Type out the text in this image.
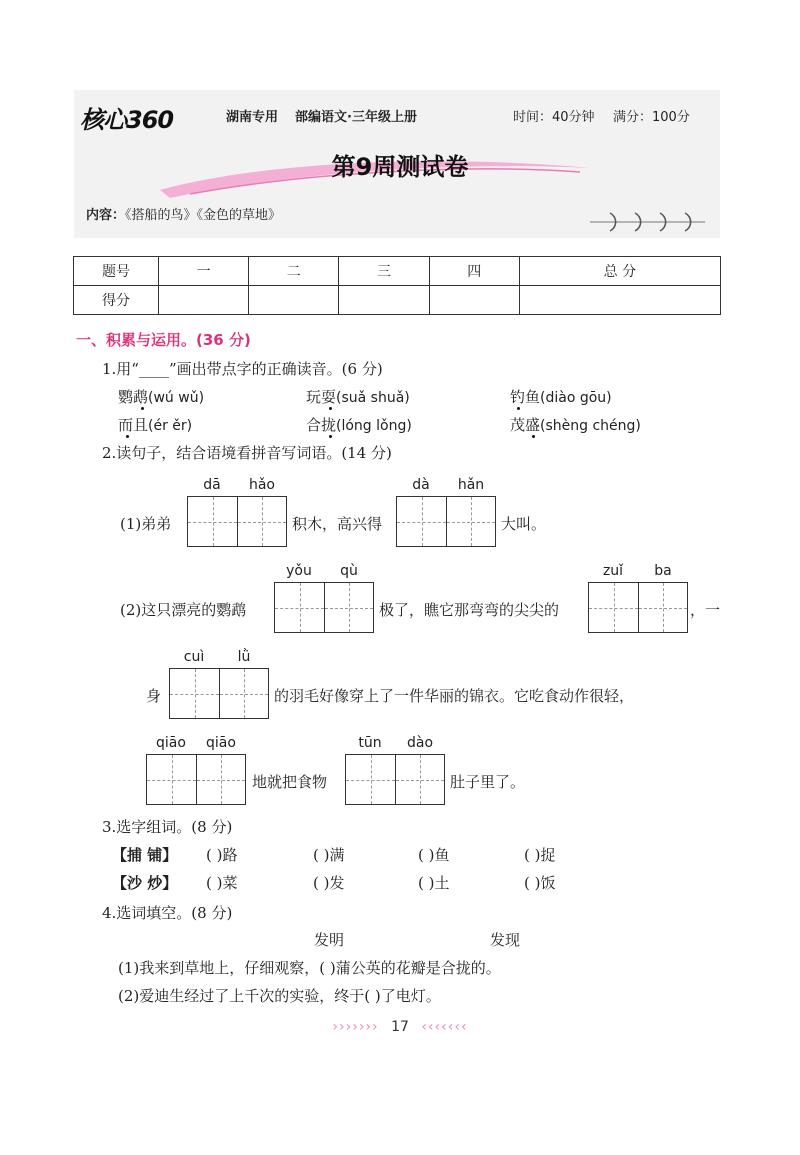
核心360	湖南专用 部编语文·三年级上册	时间：40分钟 满分：100分
第9周测试卷
内容：《搭船的鸟》《金色的草地》
题号	一	二	三	四	总 分
得分					
一、积累与运用。(36 分)
1.用“____”画出带点字的正确读音。(6 分)
鹦鹉(wú wǔ)	玩耍(suǎ shuǎ)	钓鱼(diào gōu)
而且(ér ěr)	合拢(lóng lǒng)	茂盛(shèng chéng)
2.读句子，结合语境看拼音写词语。(14 分)
dā	hǎo	dà	hǎn
(1)弟弟	积木，高兴得	大叫。
yǒu	qù	zuǐ	ba
(2)这只漂亮的鹦鹉	极了，瞧它那弯弯的尖尖的	，一
cuì	lǜ
身	的羽毛好像穿上了一件华丽的锦衣。它吃食动作很轻，
qiāo	qiāo	tūn	dào
地就把食物	肚子里了。
3.选字组词。(8 分)
【捕 铺】 ( )路	( )满	( )鱼	( )捉
【沙 炒】 ( )菜	( )发	( )土	( )饭
4.选词填空。(8 分)
发明	发现
(1)我来到草地上，仔细观察，( )蒲公英的花瓣是合拢的。
(2)爱迪生经过了上千次的实验，终于( )了电灯。
››››››› 17 ‹‹‹‹‹‹‹
